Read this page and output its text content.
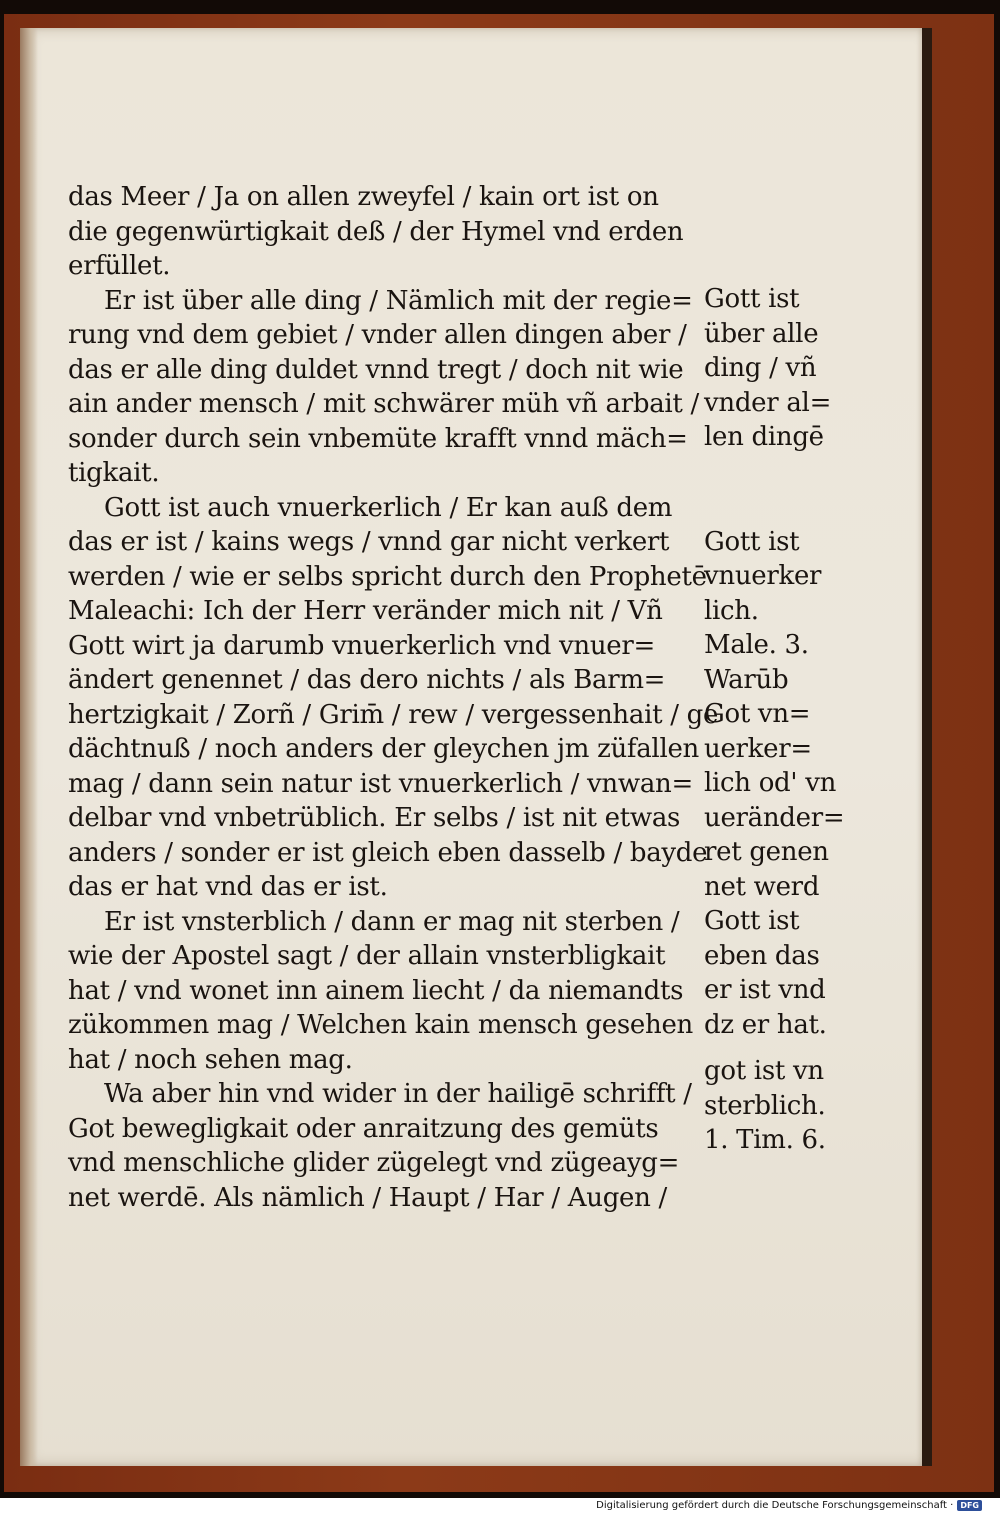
das Meer / Ja on allen zweyfel / kain ort ist on
die gegenwürtigkait deß / der Hymel vnd erden
erfüllet.
Er ist über alle ding / Nämlich mit der regie=
rung vnd dem gebiet / vnder allen dingen aber /
das er alle ding duldet vnnd tregt / doch nit wie
ain ander mensch / mit schwärer müh vñ arbait /
sonder durch sein vnbemüte krafft vnnd mäch=
tigkait.
Gott ist auch vnuerkerlich / Er kan auß dem
das er ist / kains wegs / vnnd gar nicht verkert
werden / wie er selbs spricht durch den Prophetē
Maleachi: Ich der Herr veränder mich nit / Vñ
Gott wirt ja darumb vnuerkerlich vnd vnuer=
ändert genennet / das dero nichts / als Barm=
hertzigkait / Zorñ / Grim̄ / rew / vergessenhait / ge
dächtnuß / noch anders der gleychen jm züfallen
mag / dann sein natur ist vnuerkerlich / vnwan=
delbar vnd vnbetrüblich. Er selbs / ist nit etwas
anders / sonder er ist gleich eben dasselb / bayde
das er hat vnd das er ist.
Er ist vnsterblich / dann er mag nit sterben /
wie der Apostel sagt / der allain vnsterbligkait
hat / vnd wonet inn ainem liecht / da niemandts
zükommen mag / Welchen kain mensch gesehen
hat / noch sehen mag.
Wa aber hin vnd wider in der hailigē schrifft /
Got bewegligkait oder anraitzung des gemüts
vnd menschliche glider zügelegt vnd zügeayg=
net werdē. Als nämlich / Haupt / Har / Augen /
Gott ist
über alle
ding / vñ
vnder al=
len dingē
Gott ist
vnuerker
lich.
Male. 3.
Warūb
Got vn=
uerker=
lich od' vn
ueränder=
ret genen
net werd
Gott ist
eben das
er ist vnd
dz er hat.
got ist vn
sterblich.
1. Tim. 6.
Digitalisierung gefördert durch die Deutsche Forschungsgemeinschaft · DFG
